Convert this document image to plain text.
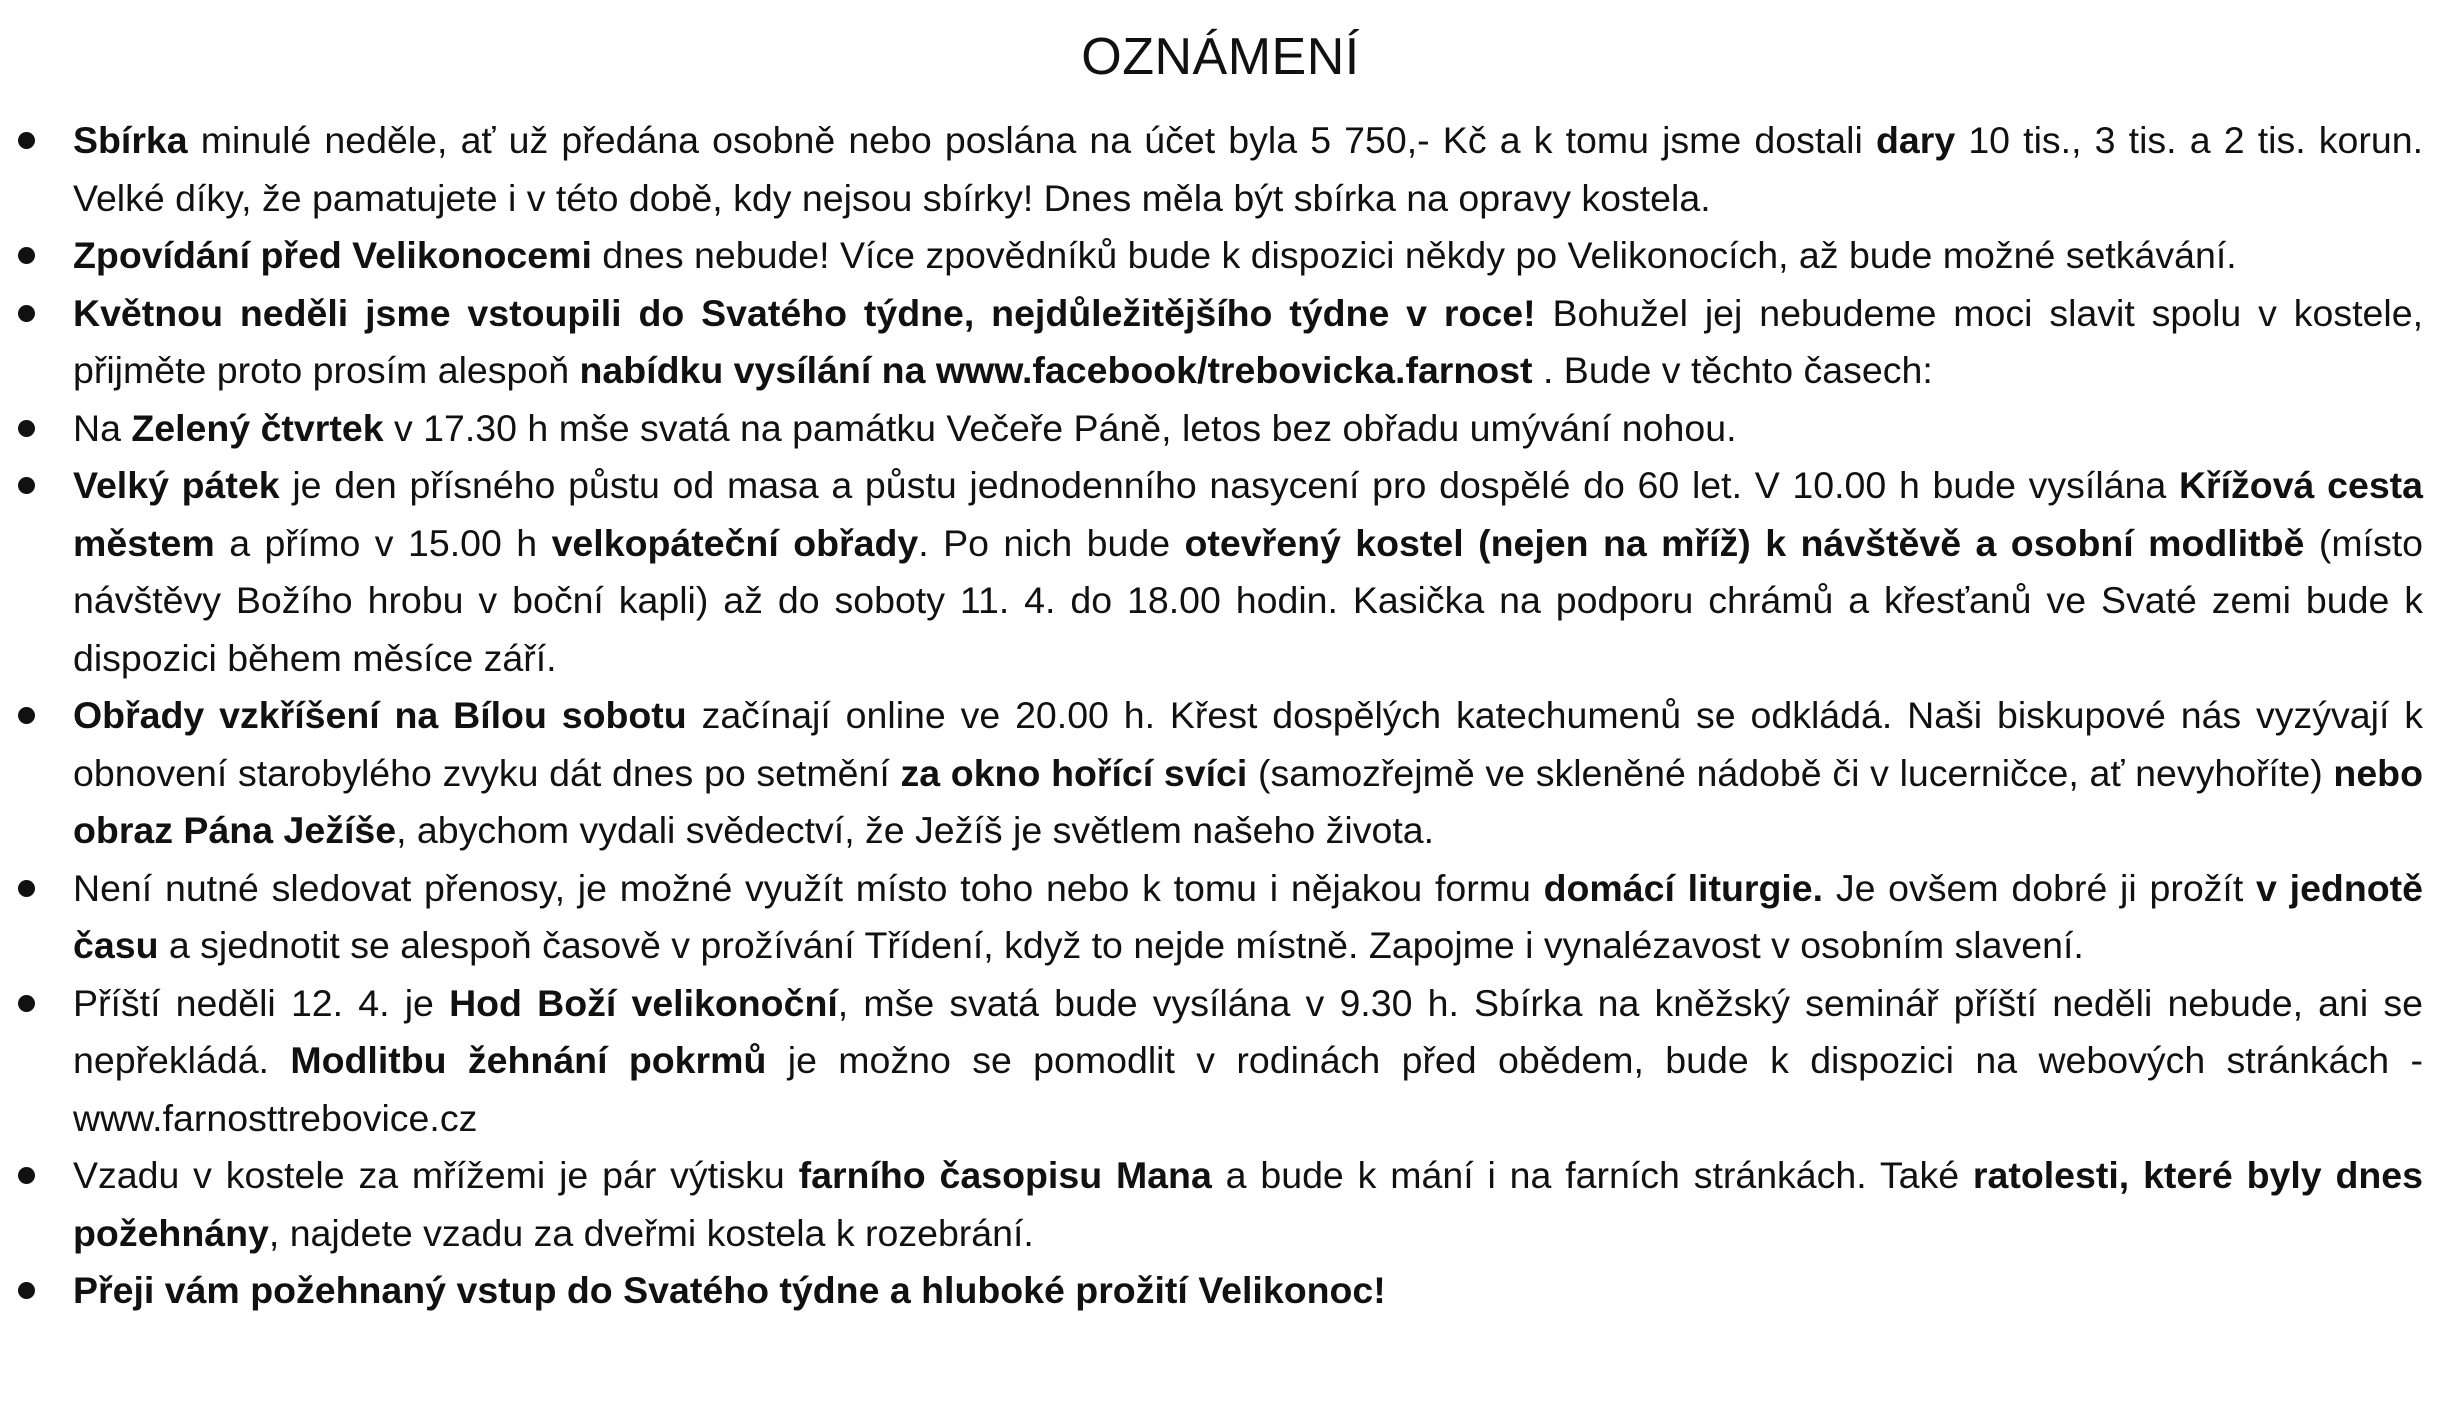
OZNÁMENÍ
Sbírka minulé neděle, ať už předána osobně nebo poslána na účet byla 5 750,- Kč a k tomu jsme dostali dary 10 tis., 3 tis. a 2 tis. korun. Velké díky, že pamatujete i v této době, kdy nejsou sbírky! Dnes měla být sbírka na opravy kostela.
Zpovídání před Velikonocemi dnes nebude! Více zpovědníků bude k dispozici někdy po Velikonocích, až bude možné setkávání.
Květnou neděli jsme vstoupili do Svatého týdne, nejdůležitějšího týdne v roce! Bohužel jej nebudeme moci slavit spolu v kostele, přijměte proto prosím alespoň nabídku vysílání na www.facebook/trebovicka.farnost . Bude v těchto časech:
Na Zelený čtvrtek v 17.30 h mše svatá na památku Večeře Páně, letos bez obřadu umývání nohou.
Velký pátek je den přísného půstu od masa a půstu jednodenního nasycení pro dospělé do 60 let. V 10.00 h bude vysílána Křížová cesta městem a přímo v 15.00 h velkopáteční obřady. Po nich bude otevřený kostel (nejen na mříž) k návštěvě a osobní modlitbě (místo návštěvy Božího hrobu v boční kapli) až do soboty 11. 4. do 18.00 hodin. Kasička na podporu chrámů a křesťanů ve Svaté zemi bude k dispozici během měsíce září.
Obřady vzkříšení na Bílou sobotu začínají online ve 20.00 h. Křest dospělých katechumenů se odkládá. Naši biskupové nás vyzývají k obnovení starobylého zvyku dát dnes po setmění za okno hořící svíci (samozřejmě ve skleněné nádobě či v lucerničce, ať nevyhoříte) nebo obraz Pána Ježíše, abychom vydali svědectví, že Ježíš je světlem našeho života.
Není nutné sledovat přenosy, je možné využít místo toho nebo k tomu i nějakou formu domácí liturgie. Je ovšem dobré ji prožít v jednotě času a sjednotit se alespoň časově v prožívání Třídení, když to nejde místně. Zapojme i vynalézavost v osobním slavení.
Příští neděli 12. 4. je Hod Boží velikonoční, mše svatá bude vysílána v 9.30 h. Sbírka na kněžský seminář příští neděli nebude, ani se nepřekládá. Modlitbu žehnání pokrmů je možno se pomodlit v rodinách před obědem, bude k dispozici na webových stránkách - www.farnosttrebovice.cz
Vzadu v kostele za mřížemi je pár výtisku farního časopisu Mana a bude k mání i na farních stránkách. Také ratolesti, které byly dnes požehnány, najdete vzadu za dveřmi kostela k rozebrání.
Přeji vám požehnaný vstup do Svatého týdne a hluboké prožití Velikonoc!
